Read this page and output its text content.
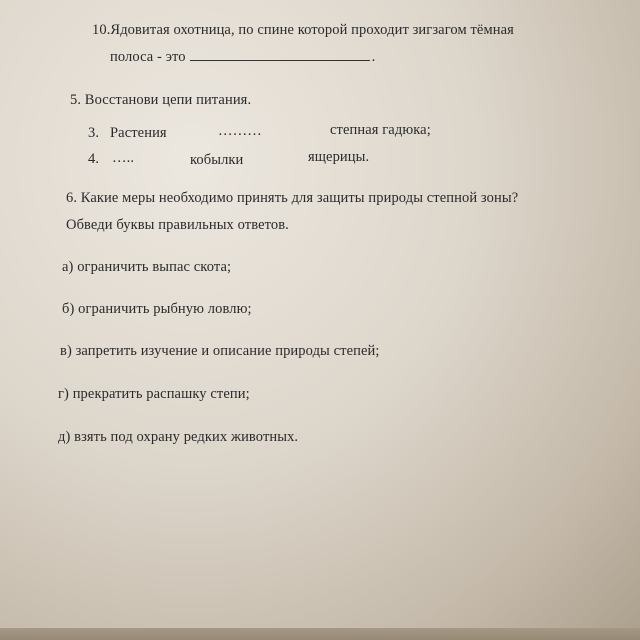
10.Ядовитая охотница, по спине которой проходит зигзагом тёмная

полоса - это	.

5. Восстанови цепи питания.

3. Растения	………	степная гадюка;

4. …..	кобылки	ящерицы.

6. Какие меры необходимо принять для защиты природы степной зоны?

Обведи буквы правильных ответов.

а) ограничить выпас скота;

б) ограничить рыбную ловлю;

в) запретить изучение и описание природы степей;

г) прекратить распашку степи;

д) взять под охрану редких животных.
